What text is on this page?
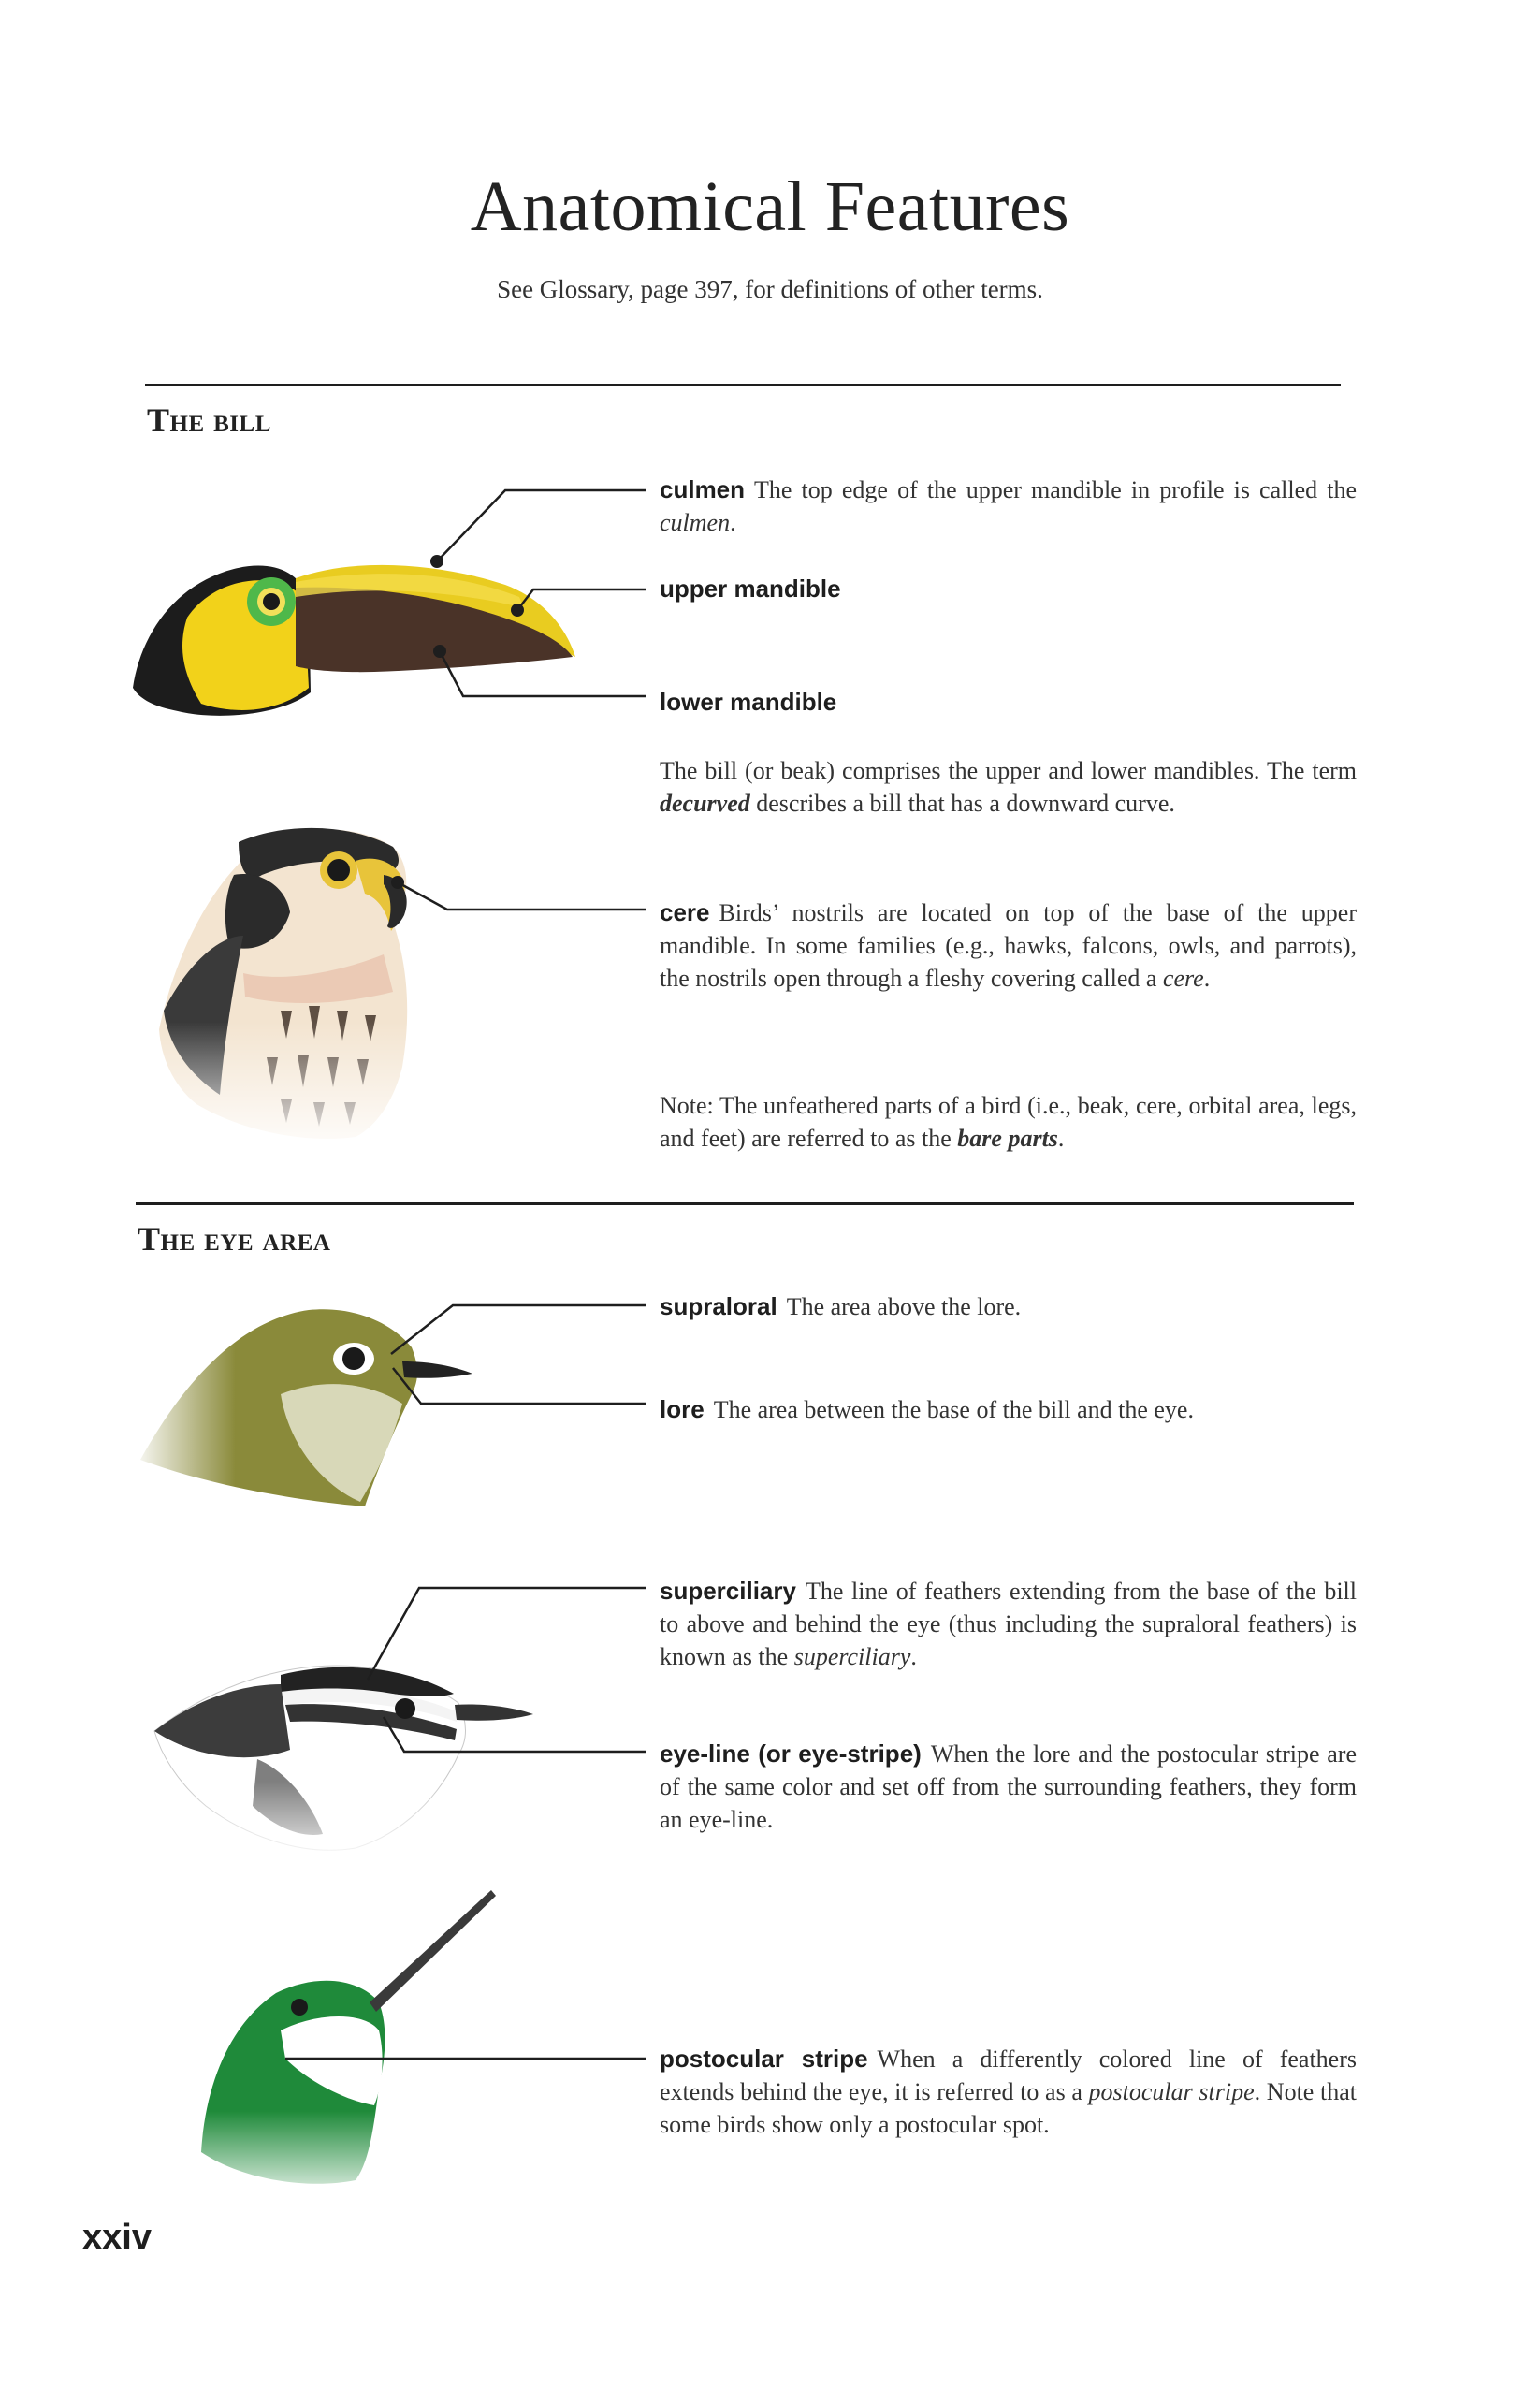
Anatomical Features
See Glossary, page 397, for definitions of other terms.
The bill
The eye area
culmen The top edge of the upper mandible in profile is called the culmen.
upper mandible
lower mandible
The bill (or beak) comprises the upper and lower mandibles. The term decurved describes a bill that has a downward curve.
cere Birds’ nostrils are located on top of the base of the upper mandible. In some families (e.g., hawks, falcons, owls, and parrots), the nostrils open through a fleshy covering called a cere.
Note: The unfeathered parts of a bird (i.e., beak, cere, orbital area, legs, and feet) are referred to as the bare parts.
supraloral The area above the lore.
lore The area between the base of the bill and the eye.
superciliary The line of feathers extending from the base of the bill to above and behind the eye (thus including the supraloral feathers) is known as the superciliary.
eye-line (or eye-stripe) When the lore and the postocular stripe are of the same color and set off from the surrounding feathers, they form an eye-line.
postocular stripe When a differently colored line of feathers extends behind the eye, it is referred to as a postocular stripe. Note that some birds show only a postocular spot.
xxiv
